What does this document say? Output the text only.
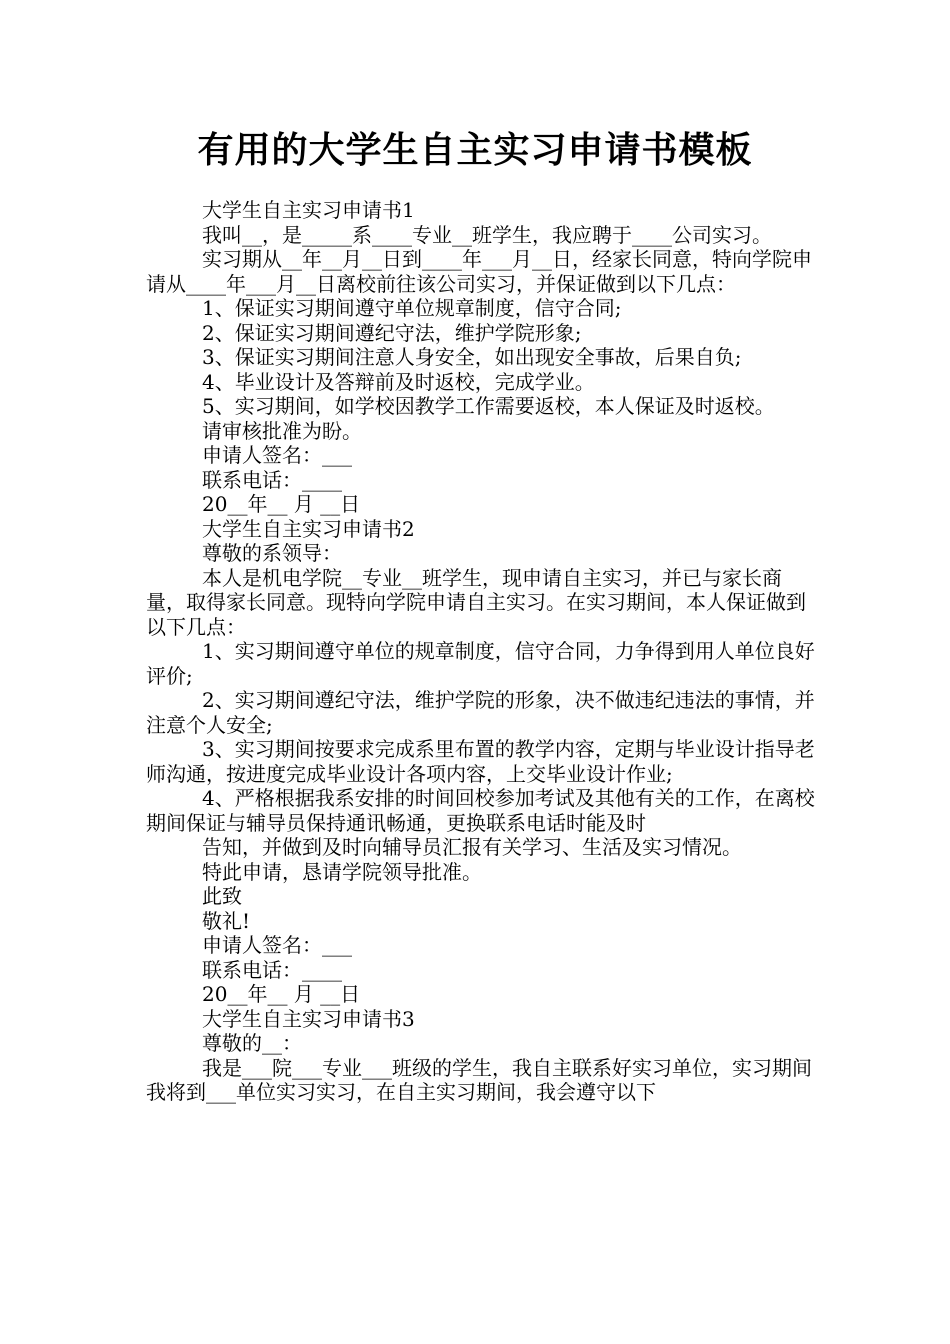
有用的大学生自主实习申请书模板

大学生自主实习申请书1

我叫__，是_____系____专业__班学生，我应聘于____公司实习。

实习期从__年__月__日到____年___月__日，经家长同意，特向学院申请从____年___月__日离校前往该公司实习，并保证做到以下几点：

1、保证实习期间遵守单位规章制度，信守合同;

2、保证实习期间遵纪守法，维护学院形象;

3、保证实习期间注意人身安全，如出现安全事故，后果自负;

4、毕业设计及答辩前及时返校，完成学业。

5、实习期间，如学校因教学工作需要返校，本人保证及时返校。

请审核批准为盼。

申请人签名：___

联系电话：____

20__年__ 月 __日

大学生自主实习申请书2

尊敬的系领导：

本人是机电学院__专业__班学生，现申请自主实习，并已与家长商量，取得家长同意。现特向学院申请自主实习。在实习期间，本人保证做到以下几点：

1、实习期间遵守单位的规章制度，信守合同，力争得到用人单位良好评价;

2、实习期间遵纪守法，维护学院的形象，决不做违纪违法的事情，并注意个人安全;

3、实习期间按要求完成系里布置的教学内容，定期与毕业设计指导老师沟通，按进度完成毕业设计各项内容，上交毕业设计作业;

4、严格根据我系安排的时间回校参加考试及其他有关的工作，在离校期间保证与辅导员保持通讯畅通，更换联系电话时能及时

告知，并做到及时向辅导员汇报有关学习、生活及实习情况。

特此申请，恳请学院领导批准。

此致

敬礼!

申请人签名：___

联系电话：____

20__年__ 月 __日

大学生自主实习申请书3

尊敬的__：

我是___院___专业___班级的学生，我自主联系好实习单位，实习期间我将到___单位实习实习，在自主实习期间，我会遵守以下
